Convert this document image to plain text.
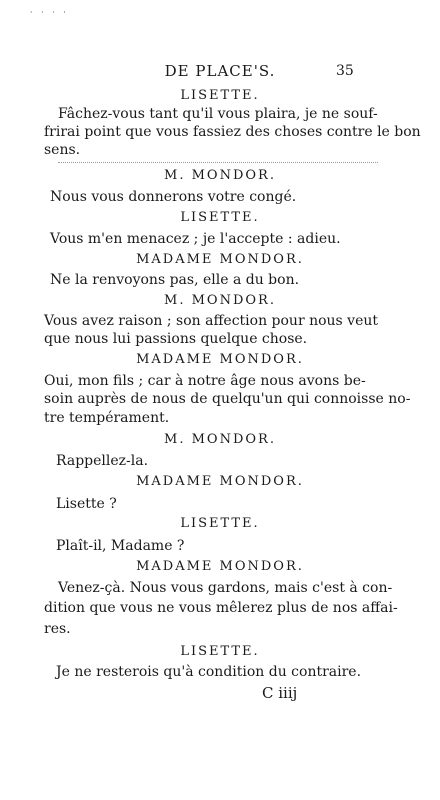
· · · ·
DE PLACE'S.	35
LISETTE.
Fâchez-vous tant qu'il vous plaira, je ne souf-
frirai point que vous fassiez des choses contre le bon
sens.
M. MONDOR.
Nous vous donnerons votre congé.
LISETTE.
Vous m'en menacez ; je l'accepte : adieu.
MADAME MONDOR.
Ne la renvoyons pas, elle a du bon.
M. MONDOR.
Vous avez raison ; son affection pour nous veut
que nous lui passions quelque chose.
MADAME MONDOR.
Oui, mon fils ; car à notre âge nous avons be-
soin auprès de nous de quelqu'un qui connoisse no-
tre tempérament.
M. MONDOR.
Rappellez-la.
MADAME MONDOR.
Lisette ?
LISETTE.
Plaît-il, Madame ?
MADAME MONDOR.
Venez-çà. Nous vous gardons, mais c'est à con-
dition que vous ne vous mêlerez plus de nos affai-
res.
LISETTE.
Je ne resterois qu'à condition du contraire.
C iiij
